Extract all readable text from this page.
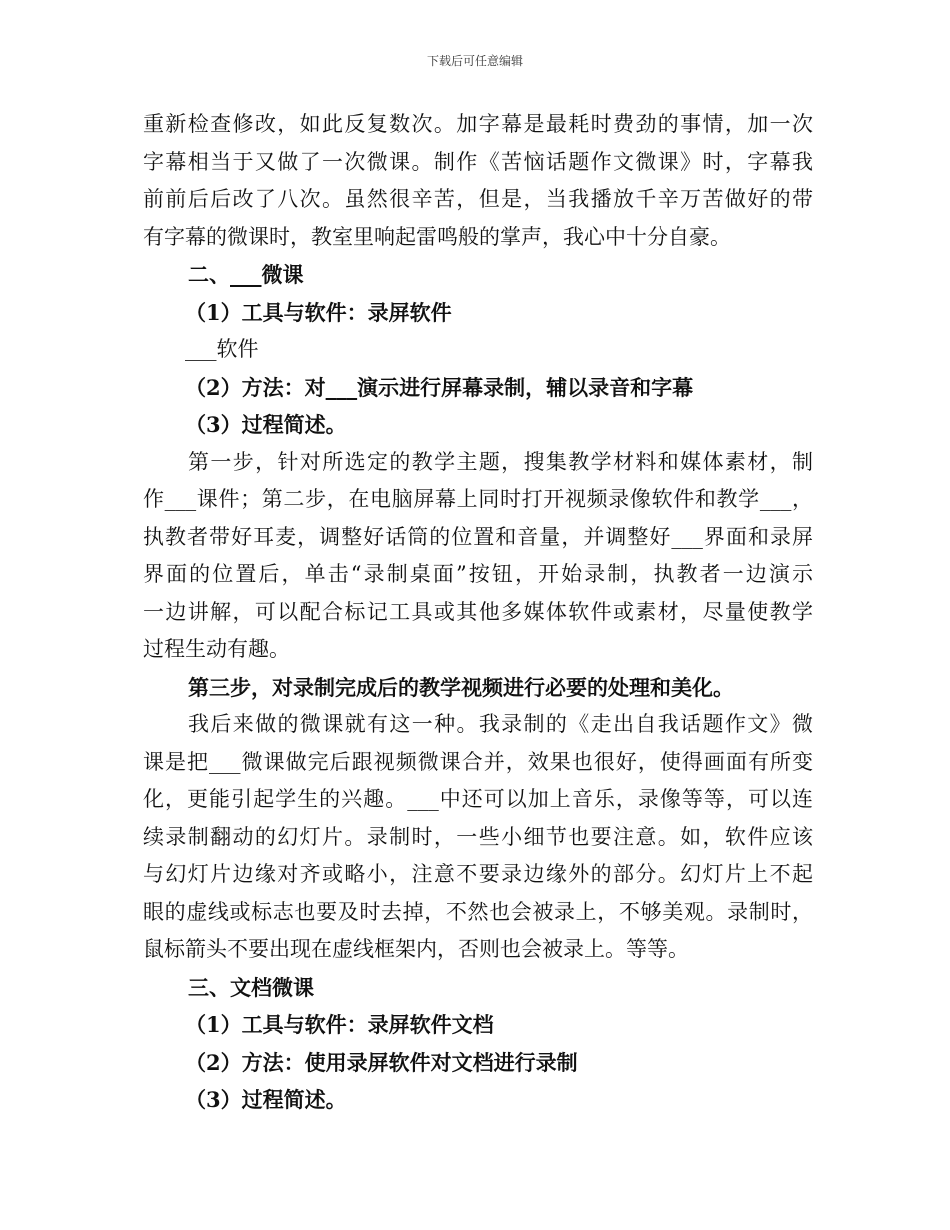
下载后可任意编辑
重新检查修改，如此反复数次。加字幕是最耗时费劲的事情，加一次
字幕相当于又做了一次微课。制作《苦恼话题作文微课》时，字幕我
前前后后改了八次。虽然很辛苦，但是，当我播放千辛万苦做好的带
有字幕的微课时，教室里响起雷鸣般的掌声，我心中十分自豪。
二、___微课
（1）工具与软件：录屏软件
___软件
（2）方法：对___演示进行屏幕录制，辅以录音和字幕
（3）过程简述。
第一步，针对所选定的教学主题，搜集教学材料和媒体素材，制
作___课件；第二步，在电脑屏幕上同时打开视频录像软件和教学___，
执教者带好耳麦，调整好话筒的位置和音量，并调整好___界面和录屏
界面的位置后，单击“录制桌面”按钮，开始录制，执教者一边演示
一边讲解，可以配合标记工具或其他多媒体软件或素材，尽量使教学
过程生动有趣。
第三步，对录制完成后的教学视频进行必要的处理和美化。
我后来做的微课就有这一种。我录制的《走出自我话题作文》微
课是把___微课做完后跟视频微课合并，效果也很好，使得画面有所变
化，更能引起学生的兴趣。___中还可以加上音乐，录像等等，可以连
续录制翻动的幻灯片。录制时，一些小细节也要注意。如，软件应该
与幻灯片边缘对齐或略小，注意不要录边缘外的部分。幻灯片上不起
眼的虚线或标志也要及时去掉，不然也会被录上，不够美观。录制时，
鼠标箭头不要出现在虚线框架内，否则也会被录上。等等。
三、文档微课
（1）工具与软件：录屏软件文档
（2）方法：使用录屏软件对文档进行录制
（3）过程简述。
